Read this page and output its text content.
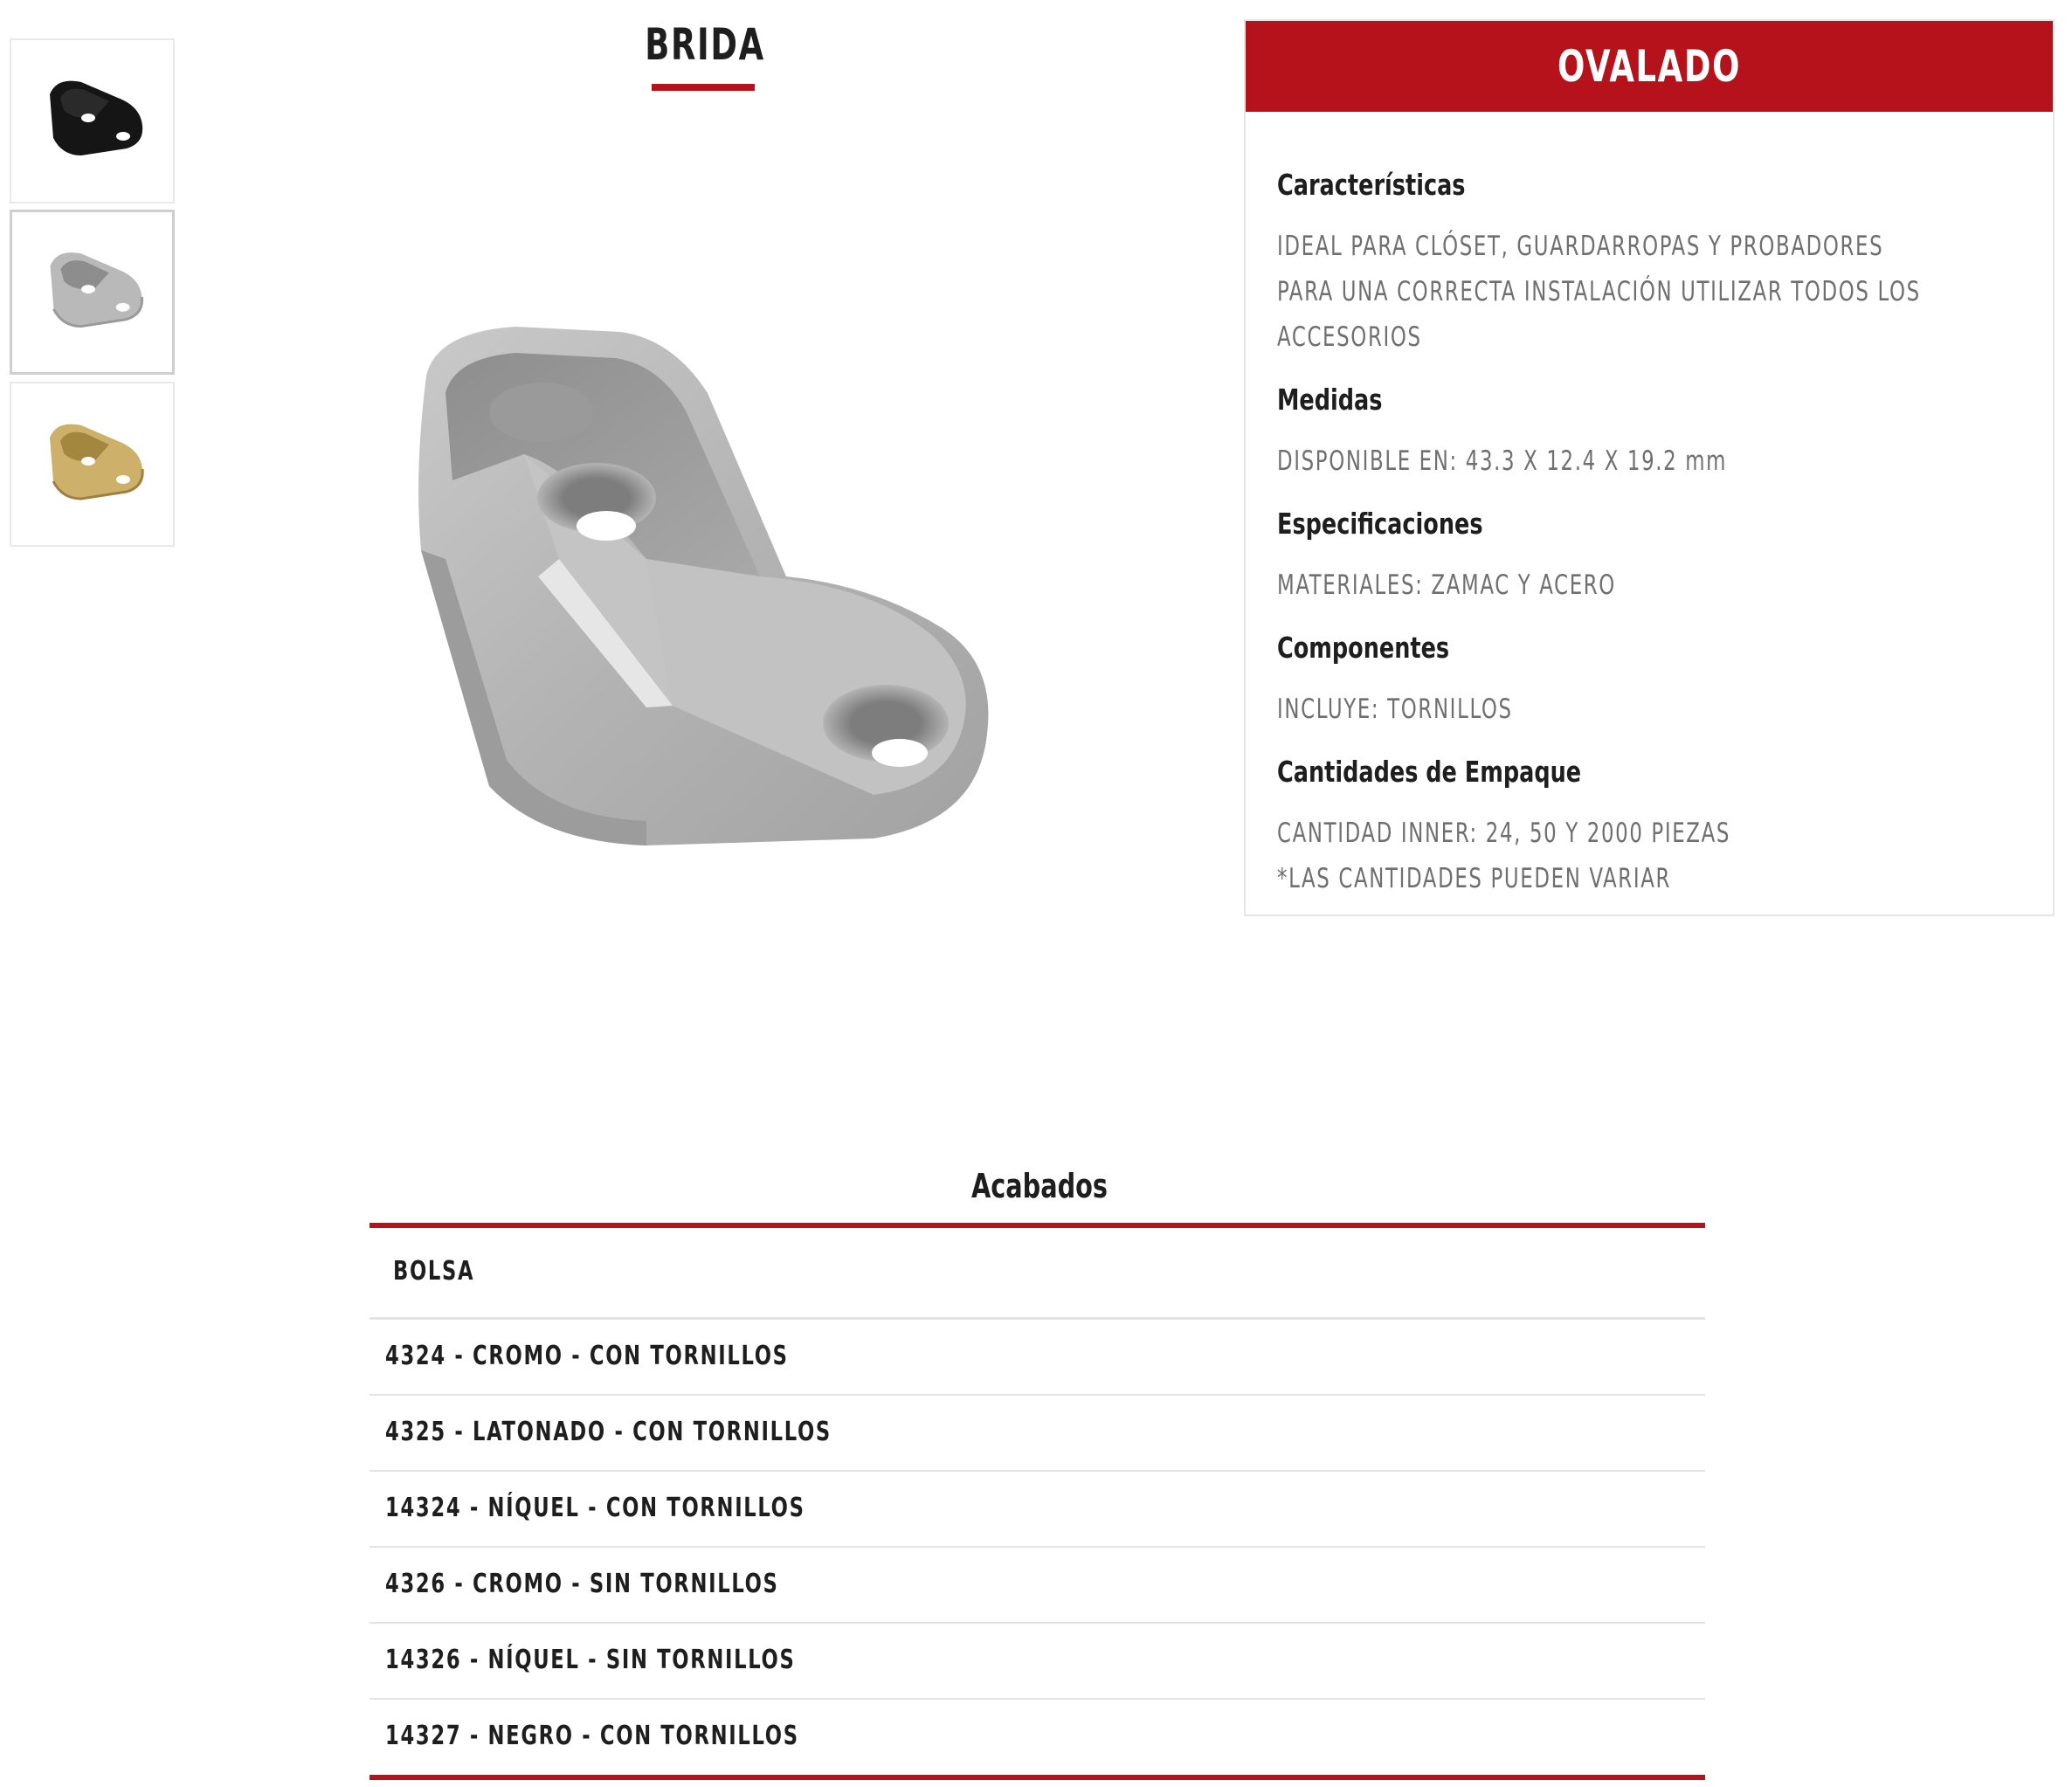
BRIDA	OVALADO
Características
IDEAL PARA CLÓSET, GUARDARROPAS Y PROBADORES
PARA UNA CORRECTA INSTALACIÓN UTILIZAR TODOS LOS
ACCESORIOS
Medidas
DISPONIBLE EN: 43.3 X 12.4 X 19.2 mm
Especificaciones
MATERIALES: ZAMAC Y ACERO
Componentes
INCLUYE: TORNILLOS
Cantidades de Empaque
CANTIDAD INNER: 24, 50 Y 2000 PIEZAS
*LAS CANTIDADES PUEDEN VARIAR
Acabados
BOLSA
4324 - CROMO - CON TORNILLOS
4325 - LATONADO - CON TORNILLOS
14324 - NÍQUEL - CON TORNILLOS
4326 - CROMO - SIN TORNILLOS
14326 - NÍQUEL - SIN TORNILLOS
14327 - NEGRO - CON TORNILLOS
